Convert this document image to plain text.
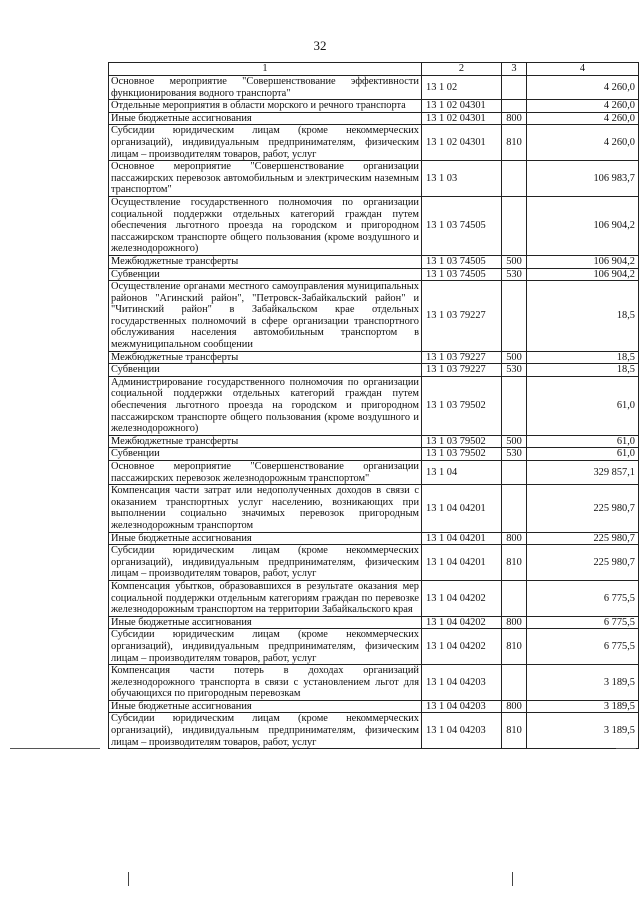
32
1	2	3	4
Основное мероприятие "Совершенствование эффективности функционирования водного транспорта"	13 1 02		4 260,0
Отдельные мероприятия в области морского и речного транспорта	13 1 02 04301		4 260,0
Иные бюджетные ассигнования	13 1 02 04301	800	4 260,0
Субсидии юридическим лицам (кроме некоммерческих организаций), индивидуальным предпринимателям, физическим лицам – производителям товаров, работ, услуг	13 1 02 04301	810	4 260,0
Основное мероприятие "Совершенствование организации пассажирских перевозок автомобильным и электрическим наземным транспортом"	13 1 03		106 983,7
Осуществление государственного полномочия по организации социальной поддержки отдельных категорий граждан путем обеспечения льготного проезда на городском и пригородном пассажирском транспорте общего пользования (кроме воздушного и железнодорожного)	13 1 03 74505		106 904,2
Межбюджетные трансферты	13 1 03 74505	500	106 904,2
Субвенции	13 1 03 74505	530	106 904,2
Осуществление органами местного самоуправления муниципальных районов "Агинский район", "Петровск-Забайкальский район" и "Читинский район" в Забайкальском крае отдельных государственных полномочий в сфере организации транспортного обслуживания населения автомобильным транспортом в межмуниципальном сообщении	13 1 03 79227		18,5
Межбюджетные трансферты	13 1 03 79227	500	18,5
Субвенции	13 1 03 79227	530	18,5
Администрирование государственного полномочия по организации социальной поддержки отдельных категорий граждан путем обеспечения льготного проезда на городском и пригородном пассажирском транспорте общего пользования (кроме воздушного и железнодорожного)	13 1 03 79502		61,0
Межбюджетные трансферты	13 1 03 79502	500	61,0
Субвенции	13 1 03 79502	530	61,0
Основное мероприятие "Совершенствование организации пассажирских перевозок железнодорожным транспортом"	13 1 04		329 857,1
Компенсация части затрат или недополученных доходов в связи с оказанием транспортных услуг населению, возникающих при выполнении социально значимых перевозок пригородным железнодорожным транспортом	13 1 04 04201		225 980,7
Иные бюджетные ассигнования	13 1 04 04201	800	225 980,7
Субсидии юридическим лицам (кроме некоммерческих организаций), индивидуальным предпринимателям, физическим лицам – производителям товаров, работ, услуг	13 1 04 04201	810	225 980,7
Компенсация убытков, образовавшихся в результате оказания мер социальной поддержки отдельным категориям граждан по перевозке железнодорожным транспортом на территории Забайкальского края	13 1 04 04202		6 775,5
Иные бюджетные ассигнования	13 1 04 04202	800	6 775,5
Субсидии юридическим лицам (кроме некоммерческих организаций), индивидуальным предпринимателям, физическим лицам – производителям товаров, работ, услуг	13 1 04 04202	810	6 775,5
Компенсация части потерь в доходах организаций железнодорожного транспорта в связи с установлением льгот для обучающихся по пригородным перевозкам	13 1 04 04203		3 189,5
Иные бюджетные ассигнования	13 1 04 04203	800	3 189,5
Субсидии юридическим лицам (кроме некоммерческих организаций), индивидуальным предпринимателям, физическим лицам – производителям товаров, работ, услуг	13 1 04 04203	810	3 189,5
